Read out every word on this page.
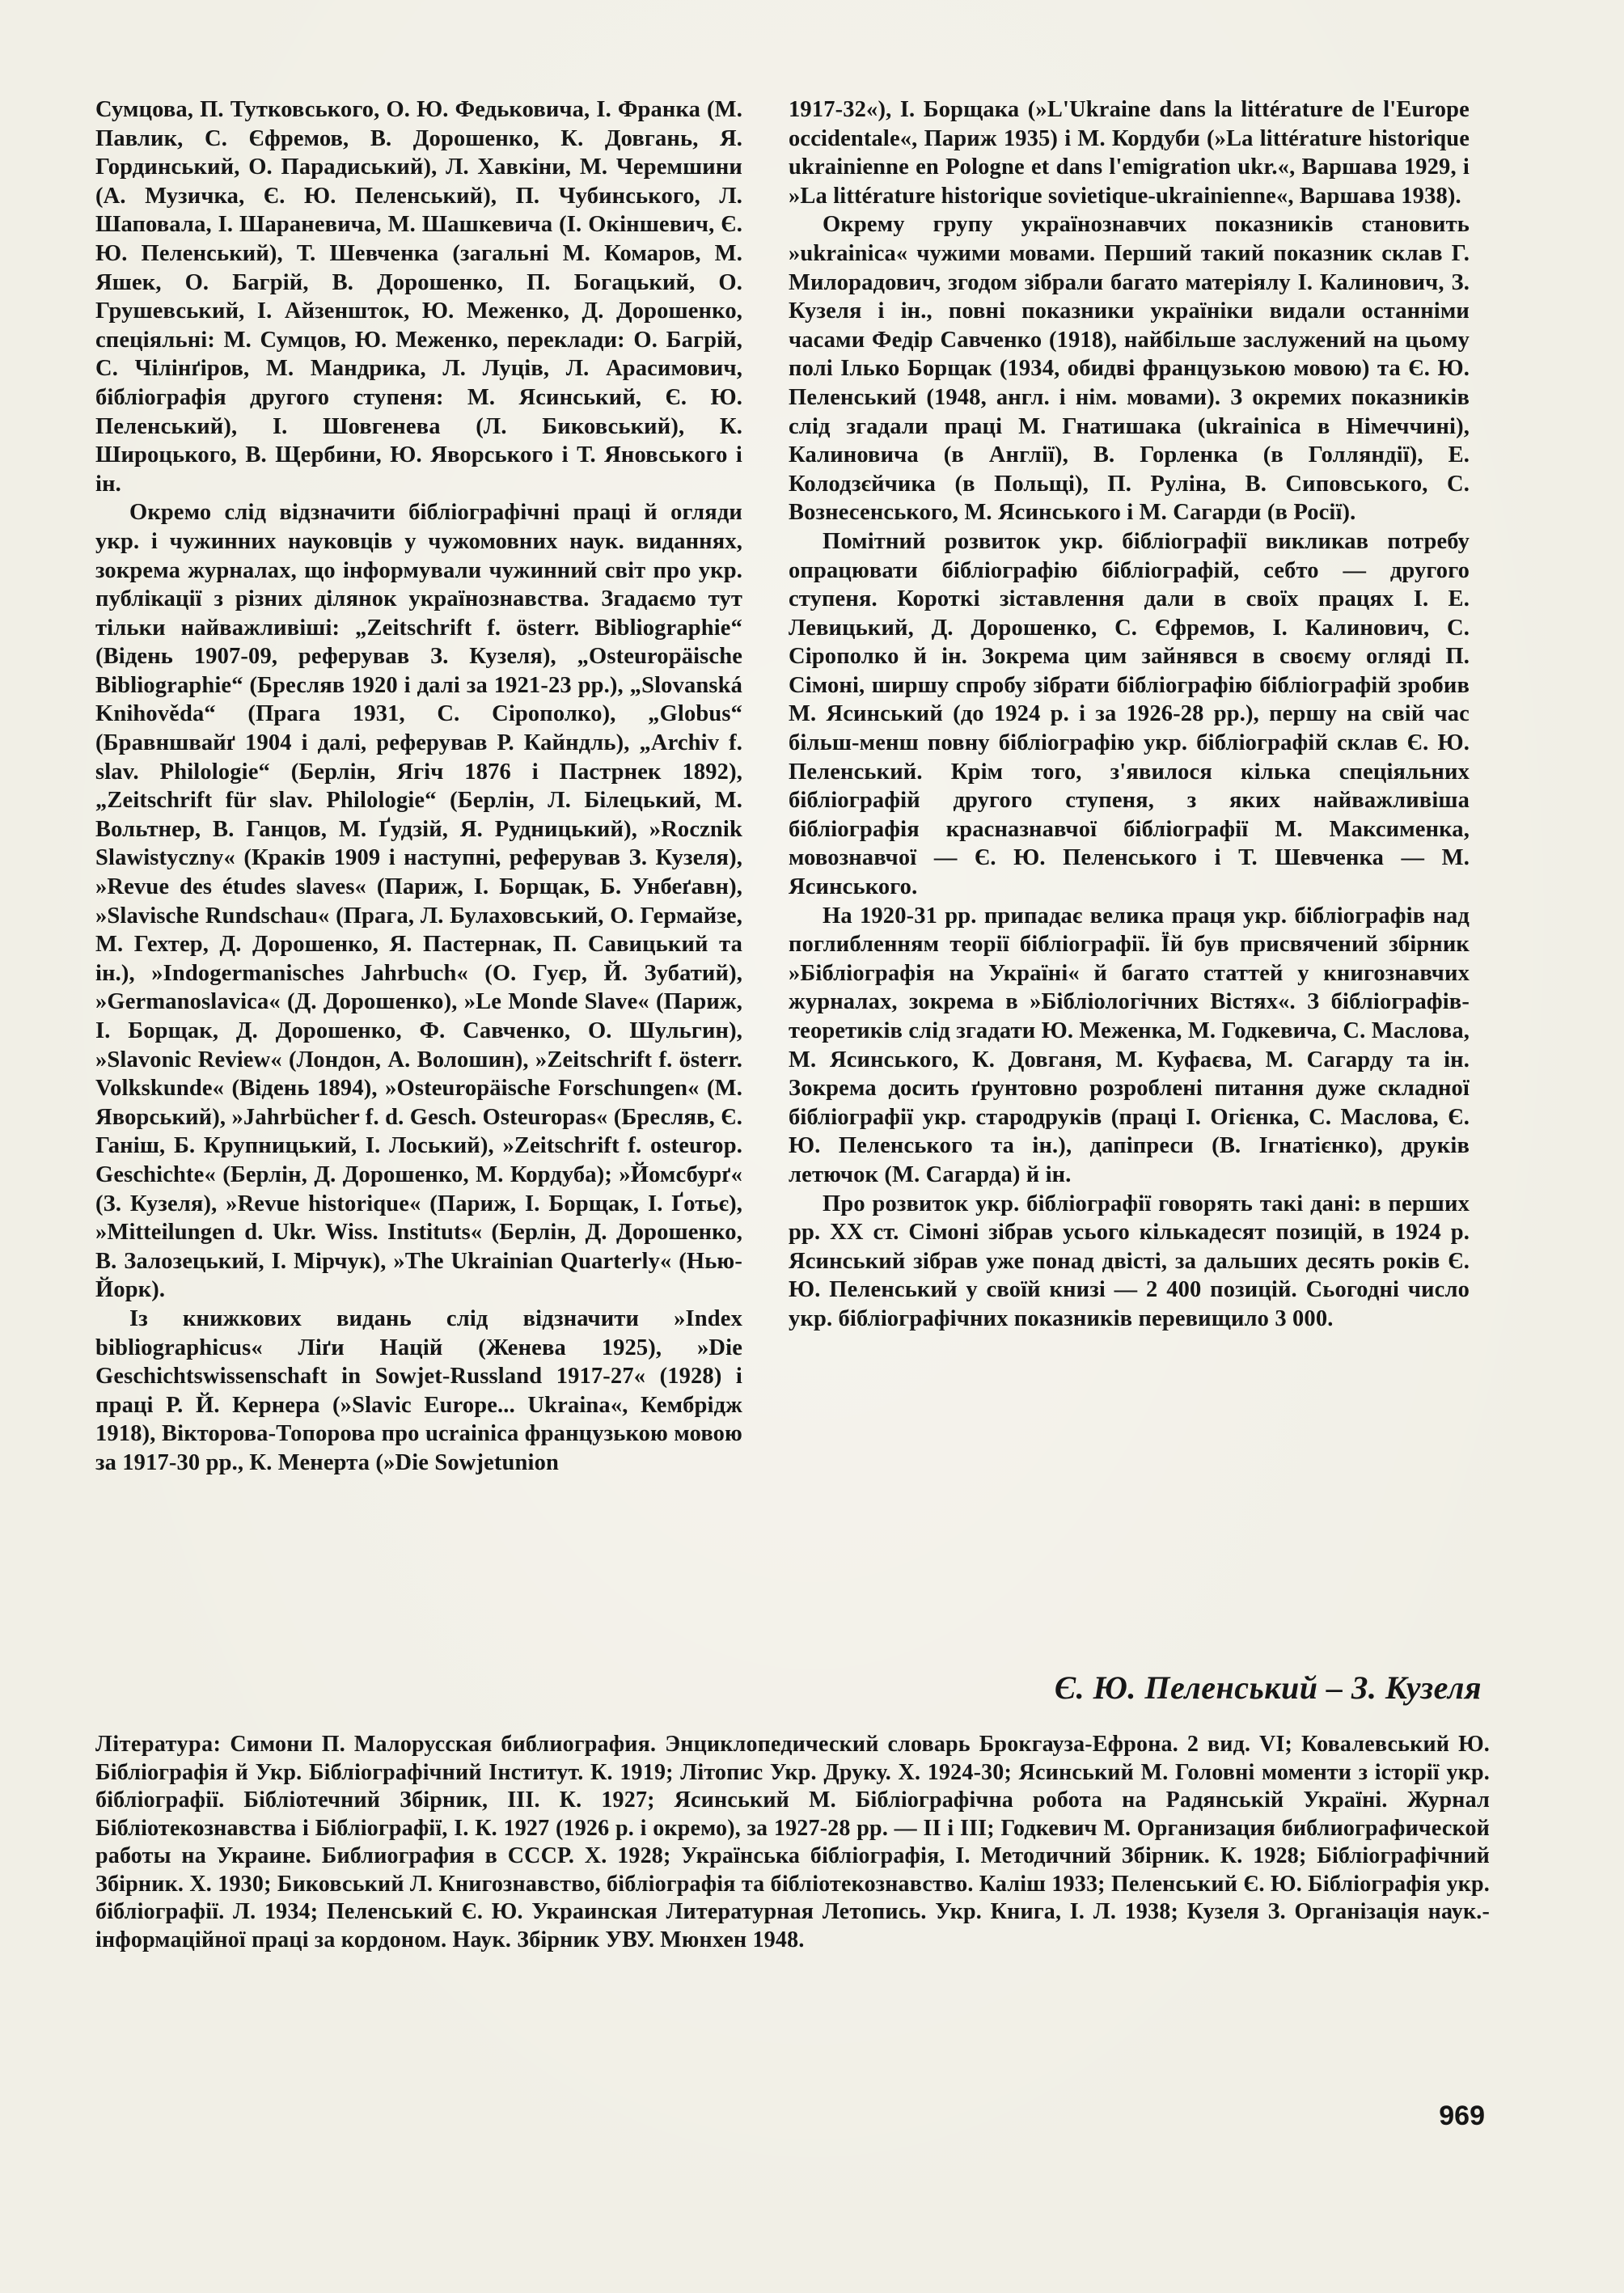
Сумцова, П. Тутковського, О. Ю. Федьковича, І. Франка (М. Павлик, С. Єфремов, В. Дорошенко, К. Довгань, Я. Гординський, О. Парадиський), Л. Хавкіни, М. Черемшини (А. Музичка, Є. Ю. Пеленський), П. Чубинського, Л. Шаповала, І. Шараневича, М. Шашкевича (І. Окіншевич, Є. Ю. Пеленський), Т. Шевченка (загальні М. Комаров, М. Яшек, О. Багрій, В. Дорошенко, П. Богацький, О. Грушевський, І. Айзеншток, Ю. Меженко, Д. Дорошенко, спеціяльні: М. Сумцов, Ю. Меженко, переклади: О. Багрій, С. Чілінґіров, М. Мандрика, Л. Луців, Л. Арасимович, бібліографія другого ступеня: М. Ясинський, Є. Ю. Пеленський), І. Шовгенева (Л. Биковський), К. Широцького, В. Щербини, Ю. Яворського і Т. Яновського і ін.

Окремо слід відзначити бібліографічні праці й огляди укр. і чужинних науковців у чужомовних наук. виданнях, зокрема журналах, що інформували чужинний світ про укр. публікації з різних ділянок українознавства. Згадаємо тут тільки найважливіші: „Zeitschrift f. österr. Bibliographie“ (Відень 1907-09, реферував З. Кузеля), „Osteuropäische Bibliographie“ (Бресляв 1920 і далі за 1921-23 рр.), „Slovanská Knihověda“ (Прага 1931, С. Сірополко), „Globus“ (Бравншвайґ 1904 і далі, реферував Р. Кайндль), „Archiv f. slav. Philologie“ (Берлін, Ягіч 1876 і Пастрнек 1892), „Zeitschrift für slav. Philologie“ (Берлін, Л. Білецький, М. Вольтнер, В. Ганцов, М. Ґудзій, Я. Рудницький), »Rocznik Slawistyczny« (Краків 1909 і наступні, реферував З. Кузеля), »Revue des études slaves« (Париж, І. Борщак, Б. Унбеґавн), »Slavische Rundschau« (Прага, Л. Булаховський, О. Гермайзе, М. Гехтер, Д. Дорошенко, Я. Пастернак, П. Савицький та ін.), »Indogermanisches Jahrbuch« (О. Гуєр, Й. Зубатий), »Germanoslavica« (Д. Дорошенко), »Le Monde Slave« (Париж, І. Борщак, Д. Дорошенко, Ф. Савченко, О. Шульгин), »Slavonic Review« (Лондон, А. Волошин), »Zeitschrift f. österr. Volkskunde« (Відень 1894), »Osteuropäische Forschungen« (М. Яворський), »Jahrbücher f. d. Gesch. Osteuropas« (Бресляв, Є. Ганіш, Б. Крупницький, І. Лоський), »Zeitschrift f. osteurop. Geschichte« (Берлін, Д. Дорошенко, М. Кордуба); »Йомсбурґ« (З. Кузеля), »Revue historique« (Париж, І. Борщак, І. Ґотьє), »Mitteilungen d. Ukr. Wiss. Instituts« (Берлін, Д. Дорошенко, В. Залозецький, І. Мірчук), »The Ukrainian Quarterly« (Нью-Йорк).

Із книжкових видань слід відзначити »Index bibliographicus« Ліґи Націй (Женева 1925), »Die Geschichtswissenschaft in Sowjet-Russland 1917-27« (1928) і праці Р. Й. Кернера (»Slavic Europe... Ukraina«, Кембрідж 1918), Вікторова-Топорова про ucrainica французькою мовою за 1917-30 рр., К. Менерта (»Die Sowjetunion

1917-32«), І. Борщака (»L'Ukraine dans la littérature de l'Europe occidentale«, Париж 1935) і М. Кордуби (»La littérature historique ukrainienne en Pologne et dans l'emigration ukr.«, Варшава 1929, і »La littérature historique sovietique-ukrainienne«, Варшава 1938).

Окрему групу українознавчих показників становить »ukrainica« чужими мовами. Перший такий показник склав Г. Милорадович, згодом зібрали багато матеріялу І. Калинович, З. Кузеля і ін., повні показники україніки видали останніми часами Федір Савченко (1918), найбільше заслужений на цьому полі Ілько Борщак (1934, обидві французькою мовою) та Є. Ю. Пеленський (1948, англ. і нім. мовами). З окремих показників слід згадали праці М. Гнатишака (ukrainica в Німеччині), Калиновича (в Англії), В. Горленка (в Голляндії), Е. Колодзєйчика (в Польщі), П. Руліна, В. Сиповського, С. Вознесенського, М. Ясинського і М. Сагарди (в Росії).

Помітний розвиток укр. бібліографії викликав потребу опрацювати бібліографію бібліографій, себто — другого ступеня. Короткі зіставлення дали в своїх працях І. Е. Левицький, Д. Дорошенко, С. Єфремов, І. Калинович, С. Сірополко й ін. Зокрема цим зайнявся в своєму огляді П. Сімоні, ширшу спробу зібрати бібліографію бібліографій зробив М. Ясинський (до 1924 р. і за 1926-28 рр.), першу на свій час більш-менш повну бібліографію укр. бібліографій склав Є. Ю. Пеленський. Крім того, з'явилося кілька спеціяльних бібліографій другого ступеня, з яких найважливіша бібліографія красназнавчої бібліографії М. Максименка, мовознавчої — Є. Ю. Пеленського і Т. Шевченка — М. Ясинського.

На 1920-31 рр. припадає велика праця укр. бібліографів над поглибленням теорії бібліографії. Їй був присвячений збірник »Бібліографія на Україні« й багато статтей у книгознавчих журналах, зокрема в »Бібліологічних Вістях«. З бібліографів-теоретиків слід згадати Ю. Меженка, М. Годкевича, С. Маслова, М. Ясинського, К. Довганя, М. Куфаєва, М. Сагарду та ін. Зокрема досить ґрунтовно розроблені питання дуже складної бібліографії укр. стародруків (праці І. Огієнка, С. Маслова, Є. Ю. Пеленського та ін.), дапіпреси (В. Ігнатієнко), друків летючок (М. Сагарда) й ін.

Про розвиток укр. бібліографії говорять такі дані: в перших рр. XX ст. Сімоні зібрав усього кількадесят позицій, в 1924 р. Ясинський зібрав уже понад двісті, за дальших десять років Є. Ю. Пеленський у своїй книзі — 2 400 позицій. Сьогодні число укр. бібліографічних показників перевищило 3 000.

Є. Ю. Пеленський – З. Кузеля
Література: Симони П. Малорусская библиография. Энциклопедический словарь Брокгауза-Ефрона. 2 вид. VI; Ковалевський Ю. Бібліографія й Укр. Бібліографічний Інститут. К. 1919; Літопис Укр. Друку. Х. 1924-30; Ясинський М. Головні моменти з історії укр. бібліографії. Бібліотечний Збірник, III. К. 1927; Ясинський М. Бібліографічна робота на Радянській Україні. Журнал Бібліотекознавства і Бібліографії, І. К. 1927 (1926 р. і окремо), за 1927-28 рр. — II і III; Годкевич М. Организация библиографической работы на Украине. Библиография в СССР. Х. 1928; Українська бібліографія, І. Методичний Збірник. К. 1928; Бібліографічний Збірник. Х. 1930; Биковський Л. Книгознавство, бібліографія та бібліотекознавство. Каліш 1933; Пеленський Є. Ю. Бібліографія укр. бібліографії. Л. 1934; Пеленський Є. Ю. Украинская Литературная Летопись. Укр. Книга, І. Л. 1938; Кузеля З. Організація наук.-інформаційної праці за кордоном. Наук. Збірник УВУ. Мюнхен 1948.
969
